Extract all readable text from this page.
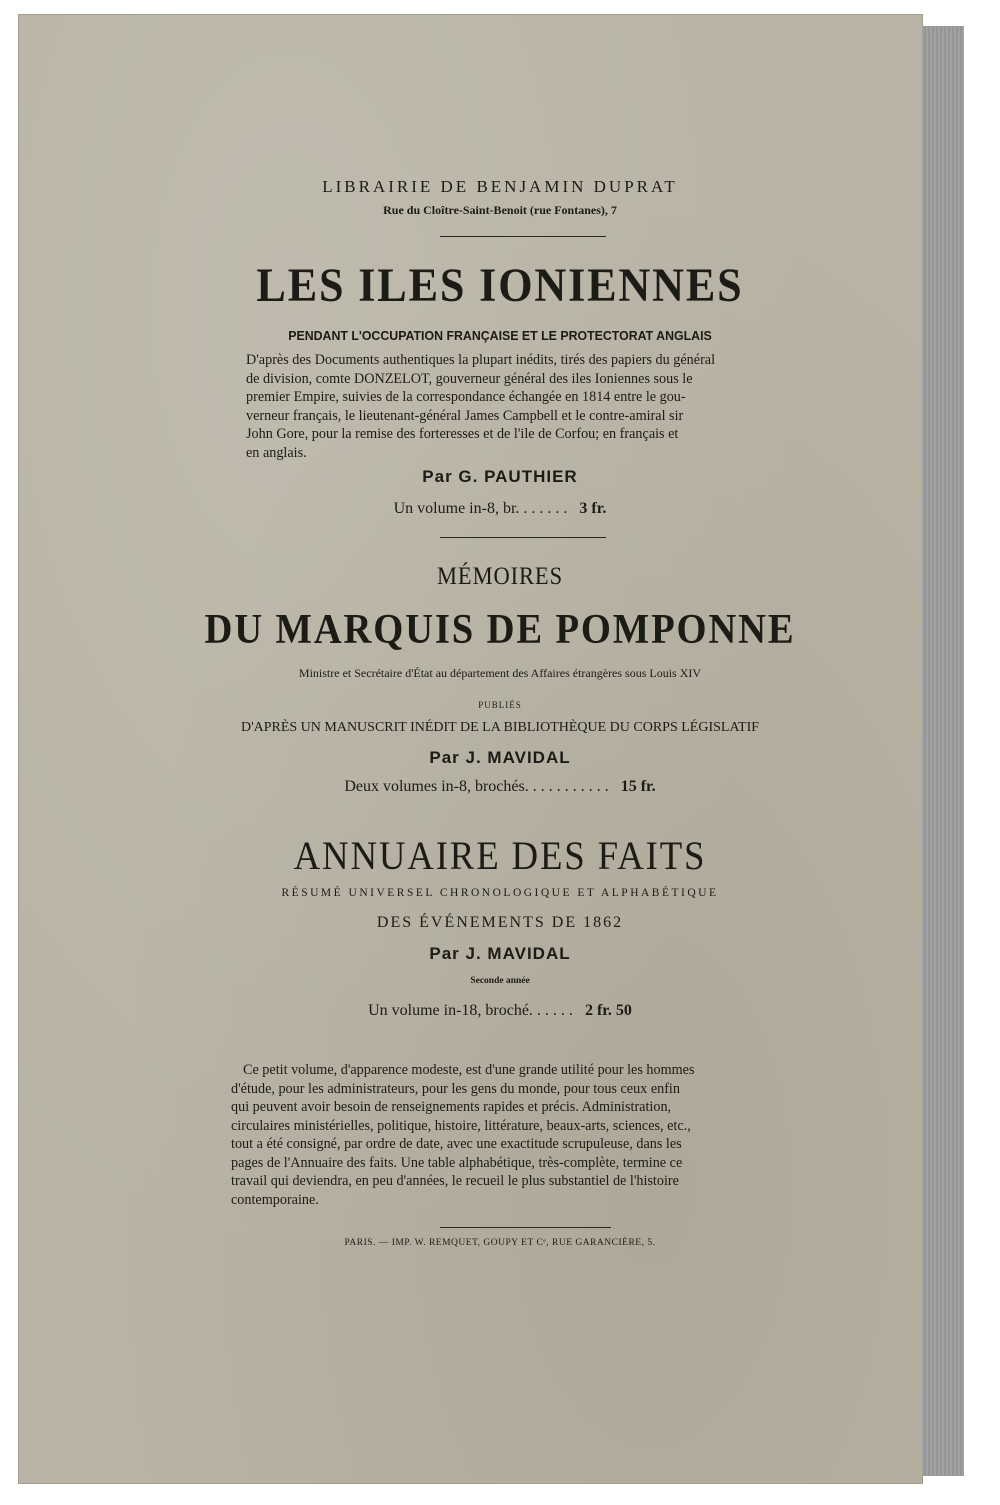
LIBRAIRIE DE BENJAMIN DUPRAT

Rue du Cloître-Saint-Benoit (rue Fontanes), 7

LES ILES IONIENNES

PENDANT L'OCCUPATION FRANÇAISE ET LE PROTECTORAT ANGLAIS

D'après des Documents authentiques la plupart inédits, tirés des papiers du général
de division, comte DONZELOT, gouverneur général des iles Ioniennes sous le
premier Empire, suivies de la correspondance échangée en 1814 entre le gou-
verneur français, le lieutenant-général James Campbell et le contre-amiral sir
John Gore, pour la remise des forteresses et de l'ile de Corfou; en français et
en anglais.

Par G. PAUTHIER

Un volume in-8, br. . . . . . . 3 fr.

MÉMOIRES

DU MARQUIS DE POMPONNE

Ministre et Secrétaire d'État au département des Affaires étrangères sous Louis XIV

PUBLIÉS

D'APRÈS UN MANUSCRIT INÉDIT DE LA BIBLIOTHÈQUE DU CORPS LÉGISLATIF

Par J. MAVIDAL

Deux volumes in-8, brochés. . . . . . . . . . . 15 fr.

ANNUAIRE DES FAITS

RÉSUMÉ UNIVERSEL CHRONOLOGIQUE ET ALPHABÉTIQUE

DES ÉVÉNEMENTS DE 1862

Par J. MAVIDAL

Seconde année

Un volume in-18, broché. . . . . . 2 fr. 50

Ce petit volume, d'apparence modeste, est d'une grande utilité pour les hommes
d'étude, pour les administrateurs, pour les gens du monde, pour tous ceux enfin
qui peuvent avoir besoin de renseignements rapides et précis. Administration,
circulaires ministérielles, politique, histoire, littérature, beaux-arts, sciences, etc.,
tout a été consigné, par ordre de date, avec une exactitude scrupuleuse, dans les
pages de l'Annuaire des faits. Une table alphabétique, très-complète, termine ce
travail qui deviendra, en peu d'années, le recueil le plus substantiel de l'histoire
contemporaine.

PARIS. — IMP. W. REMQUET, GOUPY ET Cᵉ, RUE GARANCIÈRE, 5.
